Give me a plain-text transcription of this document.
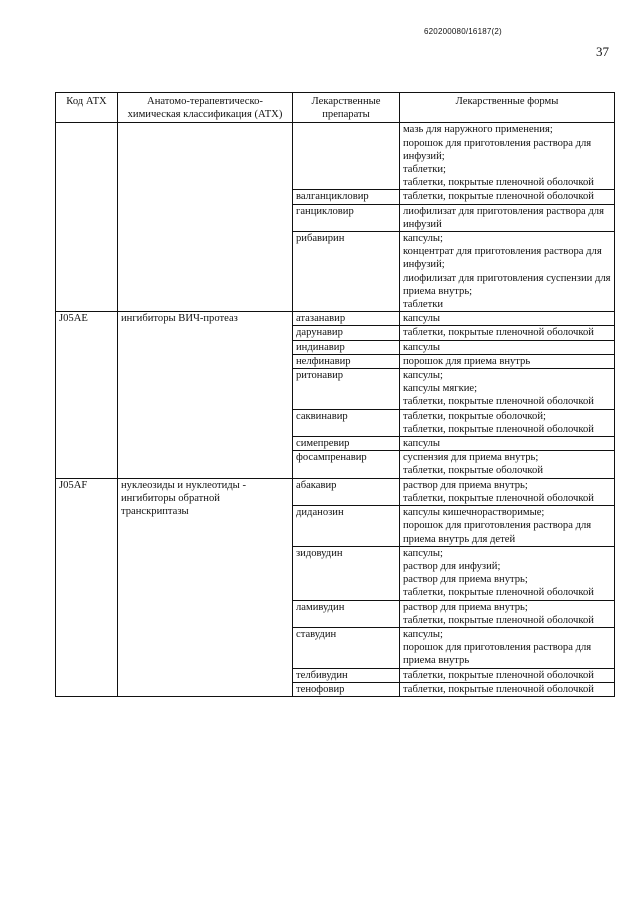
620200080/16187(2)
37
Код АТХ	Анатомо-терапевтическо-химическая классификация (АТХ)	Лекарственные препараты	Лекарственные формы

			мазь для наружного применения;
порошок для приготовления раствора для инфузий;
таблетки;
таблетки, покрытые пленочной оболочкой

		валганцикловир	таблетки, покрытые пленочной оболочкой

		ганцикловир	лиофилизат для приготовления раствора для инфузий

		рибавирин	капсулы;
концентрат для приготовления раствора для инфузий;
лиофилизат для приготовления суспензии для приема внутрь;
таблетки

J05AE	ингибиторы ВИЧ-протеаз	атазанавир	капсулы

		дарунавир	таблетки, покрытые пленочной оболочкой

		индинавир	капсулы

		нелфинавир	порошок для приема внутрь

		ритонавир	капсулы;
капсулы мягкие;
таблетки, покрытые пленочной оболочкой

		саквинавир	таблетки, покрытые оболочкой;
таблетки, покрытые пленочной оболочкой

		симепревир	капсулы

		фосампренавир	суспензия для приема внутрь;
таблетки, покрытые оболочкой

J05AF	нуклеозиды и нуклеотиды - ингибиторы обратной транскриптазы	абакавир	раствор для приема внутрь;
таблетки, покрытые пленочной оболочкой

		диданозин	капсулы кишечнорастворимые;
порошок для приготовления раствора для приема внутрь для детей

		зидовудин	капсулы;
раствор для инфузий;
раствор для приема внутрь;
таблетки, покрытые пленочной оболочкой

		ламивудин	раствор для приема внутрь;
таблетки, покрытые пленочной оболочкой

		ставудин	капсулы;
порошок для приготовления раствора для приема внутрь

		телбивудин	таблетки, покрытые пленочной оболочкой

		тенофовир	таблетки, покрытые пленочной оболочкой
